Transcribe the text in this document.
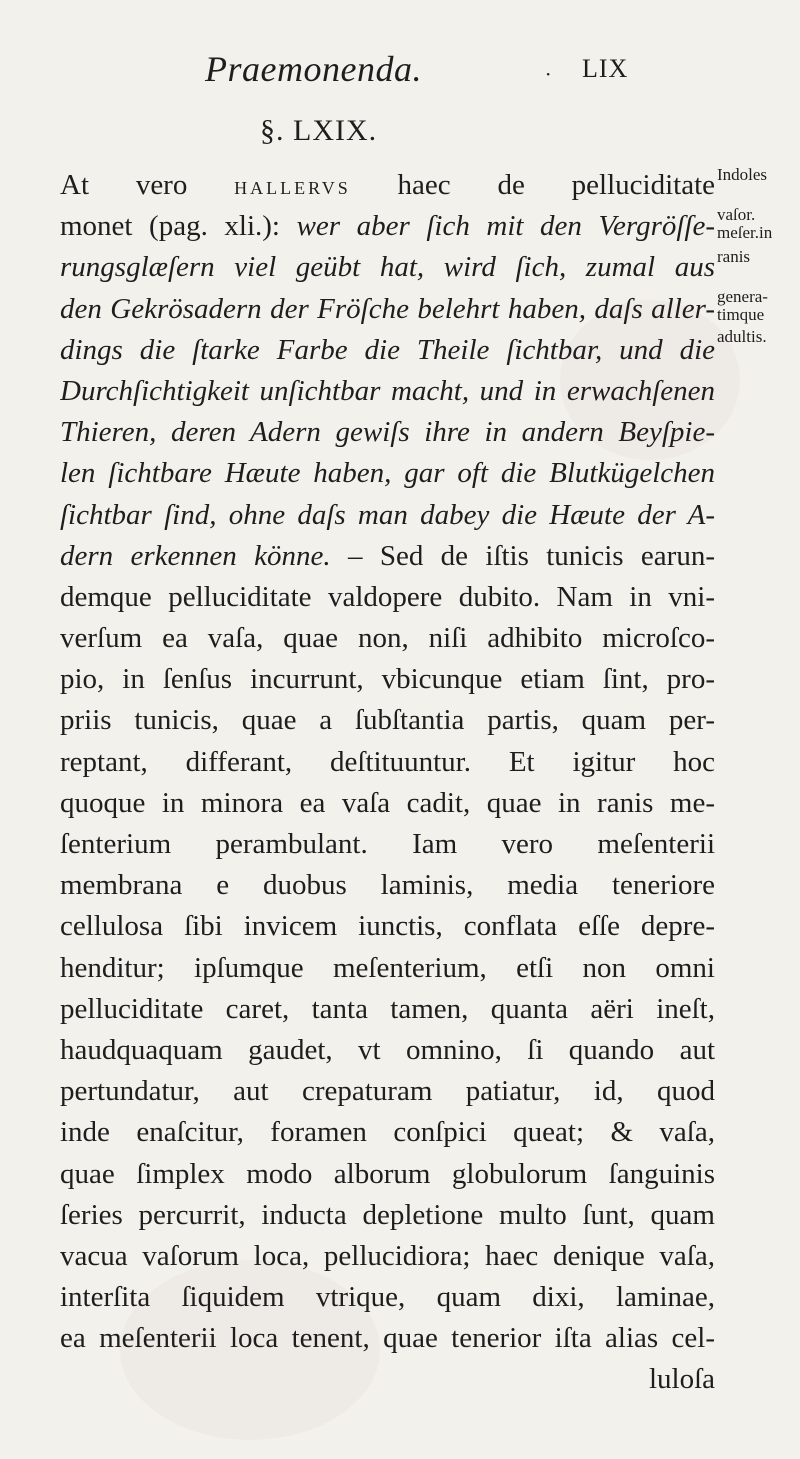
Praemonenda.	· LIX
§. LXIX.
At vero hallervs haec de pelluciditate
monet (pag. xli.): wer aber ſich mit den Vergröſſe-
rungsglæſern viel geübt hat, wird ſich, zumal aus
den Gekrösadern der Fröſche belehrt haben, daſs aller-
dings die ſtarke Farbe die Theile ſichtbar, und die
Durchſichtigkeit unſichtbar macht, und in erwachſenen
Thieren, deren Adern gewiſs ihre in andern Beyſpie-
len ſichtbare Hæute haben, gar oft die Blutkügelchen
ſichtbar ſind, ohne daſs man dabey die Hæute der A-
dern erkennen könne. – Sed de iſtis tunicis earun-
demque pelluciditate valdopere dubito. Nam in vni-
verſum ea vaſa, quae non, niſi adhibito microſco-
pio, in ſenſus incurrunt, vbicunque etiam ſint, pro-
priis tunicis, quae a ſubſtantia partis, quam per-
reptant, differant, deſtituuntur. Et igitur hoc
quoque in minora ea vaſa cadit, quae in ranis me-
ſenterium perambulant. Iam vero meſenterii
membrana e duobus laminis, media teneriore
cellulosa ſibi invicem iunctis, conflata eſſe depre-
henditur; ipſumque meſenterium, etſi non omni
pelluciditate caret, tanta tamen, quanta aëri ineſt,
haudquaquam gaudet, vt omnino, ſi quando aut
pertundatur, aut crepaturam patiatur, id, quod
inde enaſcitur, foramen conſpici queat; & vaſa,
quae ſimplex modo alborum globulorum ſanguinis
ſeries percurrit, inducta depletione multo ſunt, quam
vacua vaſorum loca, pellucidiora; haec denique vaſa,
interſita ſiquidem vtrique, quam dixi, laminae,
ea meſenterii loca tenent, quae tenerior iſta alias cel-
luloſa
Indoles
vaſor.
meſer.in
ranis
genera-
timque
adultis.
